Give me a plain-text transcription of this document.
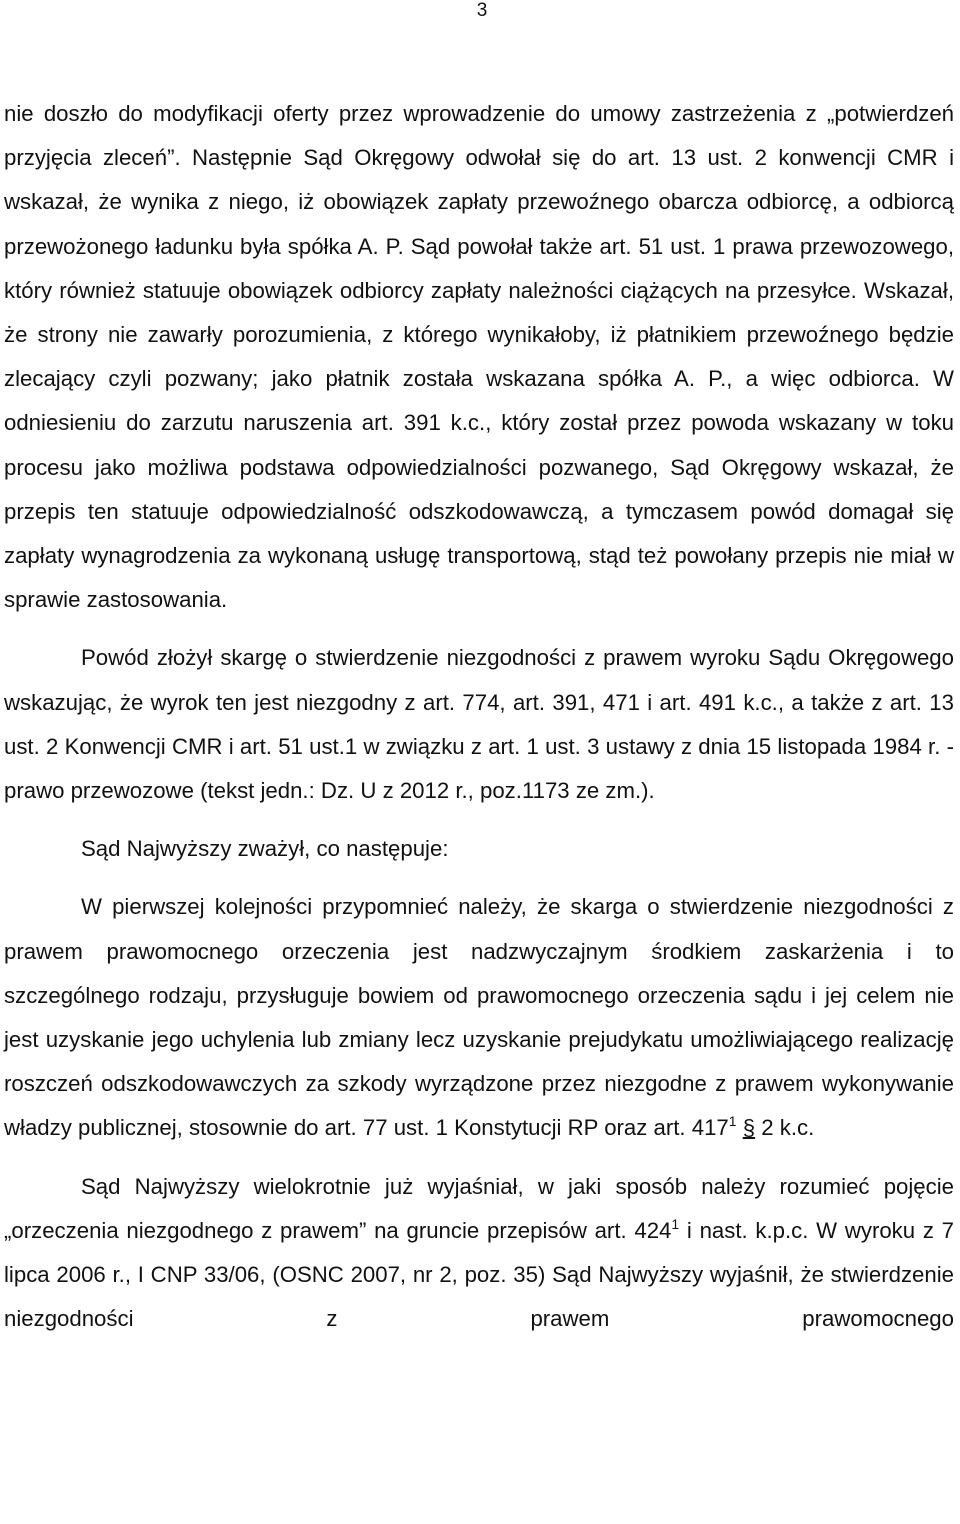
3

nie doszło do modyfikacji oferty przez wprowadzenie do umowy zastrzeżenia z „potwierdzeń przyjęcia zleceń”. Następnie Sąd Okręgowy odwołał się do art. 13 ust. 2 konwencji CMR i wskazał, że wynika z niego, iż obowiązek zapłaty przewoźnego obarcza odbiorcę, a odbiorcą przewożonego ładunku była spółka A. P. Sąd powołał także art. 51 ust. 1 prawa przewozowego, który również statuuje obowiązek odbiorcy zapłaty należności ciążących na przesyłce. Wskazał, że strony nie zawarły porozumienia, z którego wynikałoby, iż płatnikiem przewoźnego będzie zlecający czyli pozwany; jako płatnik została wskazana spółka A. P., a więc odbiorca. W odniesieniu do zarzutu naruszenia art. 391 k.c., który został przez powoda wskazany w toku procesu jako możliwa podstawa odpowiedzialności pozwanego, Sąd Okręgowy wskazał, że przepis ten statuuje odpowiedzialność odszkodowawczą, a tymczasem powód domagał się zapłaty wynagrodzenia za wykonaną usługę transportową, stąd też powołany przepis nie miał w sprawie zastosowania.

Powód złożył skargę o stwierdzenie niezgodności z prawem wyroku Sądu Okręgowego wskazując, że wyrok ten jest niezgodny z art. 774, art. 391, 471 i art. 491 k.c., a także z art. 13 ust. 2 Konwencji CMR i art. 51 ust.1 w związku z art. 1 ust. 3 ustawy z dnia 15 listopada 1984 r. - prawo przewozowe (tekst jedn.: Dz. U z 2012 r., poz.1173 ze zm.).

Sąd Najwyższy zważył, co następuje:

W pierwszej kolejności przypomnieć należy, że skarga o stwierdzenie niezgodności z prawem prawomocnego orzeczenia jest nadzwyczajnym środkiem zaskarżenia i to szczególnego rodzaju, przysługuje bowiem od prawomocnego orzeczenia sądu i jej celem nie jest uzyskanie jego uchylenia lub zmiany lecz uzyskanie prejudykatu umożliwiającego realizację roszczeń odszkodowawczych za szkody wyrządzone przez niezgodne z prawem wykonywanie władzy publicznej, stosownie do art. 77 ust. 1 Konstytucji RP oraz art. $417^1$ § 2 k.c.

Sąd Najwyższy wielokrotnie już wyjaśniał, w jaki sposób należy rozumieć pojęcie „orzeczenia niezgodnego z prawem” na gruncie przepisów art. $424^1$ i nast. k.p.c. W wyroku z 7 lipca 2006 r., I CNP 33/06, (OSNC 2007, nr 2, poz. 35) Sąd Najwyższy wyjaśnił, że stwierdzenie niezgodności z prawem prawomocnego
